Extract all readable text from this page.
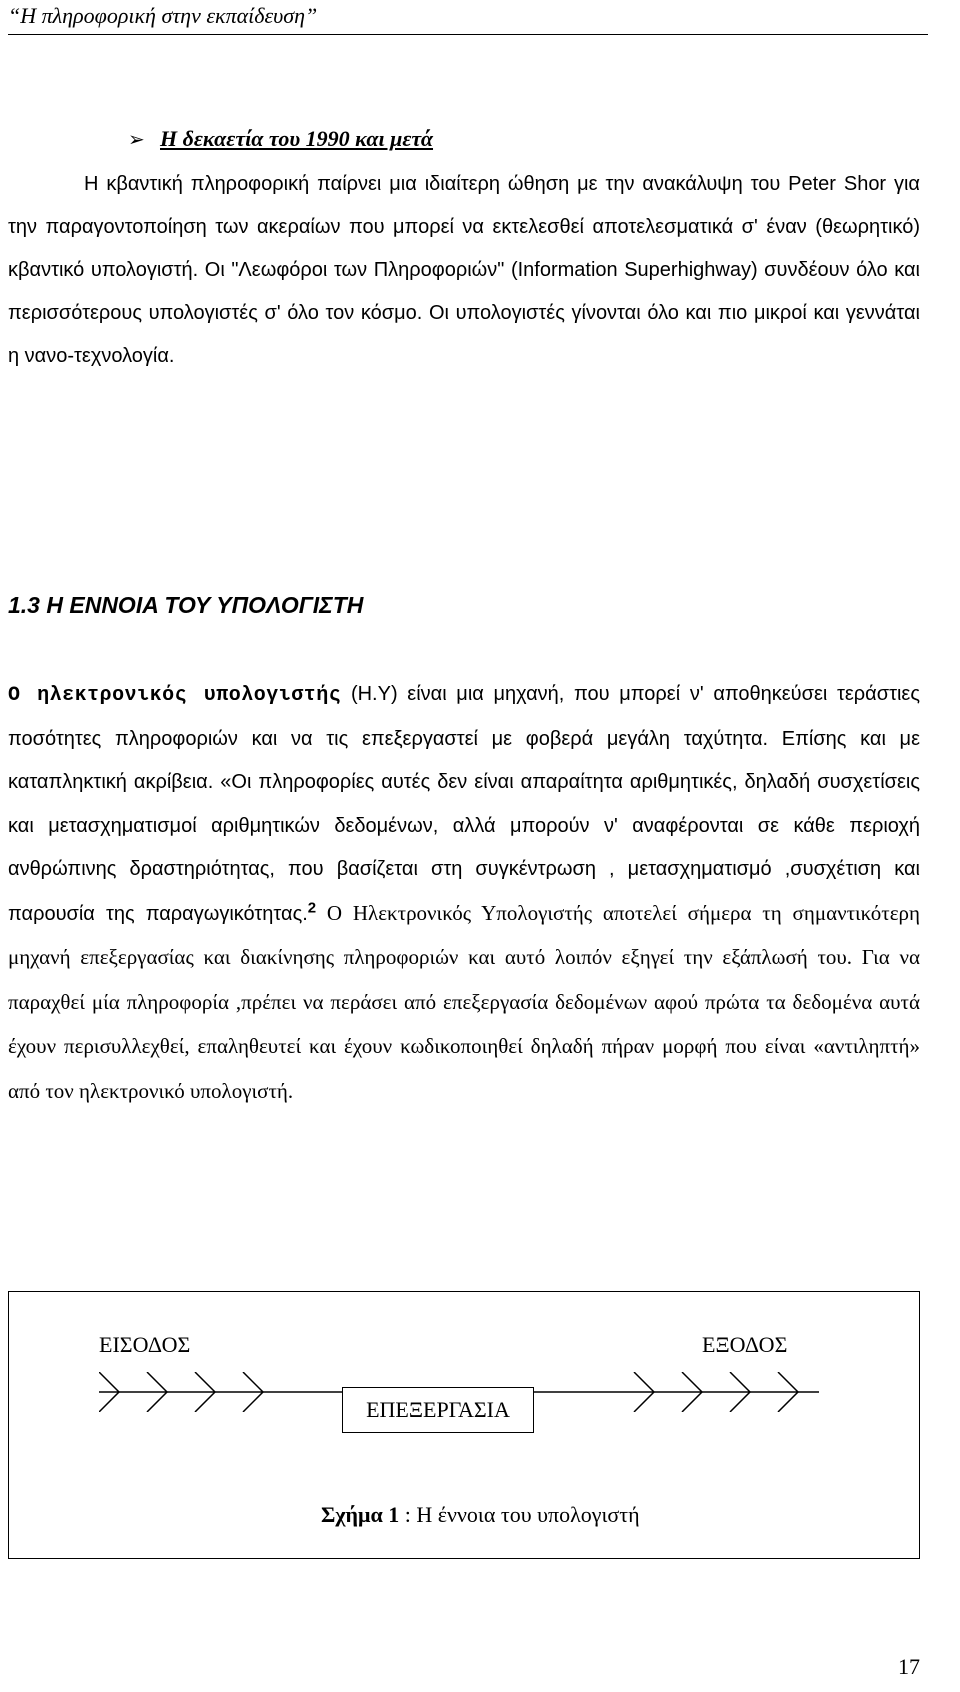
“Η πληροφορική στην εκπαίδευση”
➢ Η δεκαετία του 1990 και μετά

Η κβαντική πληροφορική παίρνει μια ιδιαίτερη ώθηση με την ανακάλυψη του Peter Shor για την παραγοντοποίηση των ακεραίων που μπορεί να εκτελεσθεί αποτελεσματικά σ' έναν (θεωρητικό) κβαντικό υπολογιστή. Οι "Λεωφόροι των Πληροφοριών" (Information Superhighway) συνδέουν όλο και περισσότερους υπολογιστές σ' όλο τον κόσμο. Οι υπολογιστές γίνονται όλο και πιο μικροί και γεννάται η νανο-τεχνολογία.

1.3 Η ΕΝΝΟΙΑ ΤΟΥ ΥΠΟΛΟΓΙΣΤΗ

Ο ηλεκτρονικός υπολογιστής (Η.Υ) είναι μια μηχανή, που μπορεί ν' αποθηκεύσει τεράστιες ποσότητες πληροφοριών και να τις επεξεργαστεί με φοβερά μεγάλη ταχύτητα. Επίσης και με καταπληκτική ακρίβεια. «Οι πληροφορίες αυτές δεν είναι απαραίτητα αριθμητικές, δηλαδή συσχετίσεις και μετασχηματισμοί αριθμητικών δεδομένων, αλλά μπορούν ν' αναφέρονται σε κάθε περιοχή ανθρώπινης δραστηριότητας, που βασίζεται στη συγκέντρωση , μετασχηματισμό ,συσχέτιση και παρουσία της παραγωγικότητας.$^2$ Ο Ηλεκτρονικός Υπολογιστής αποτελεί σήμερα τη σημαντικότερη μηχανή επεξεργασίας και διακίνησης πληροφοριών και αυτό λοιπόν εξηγεί την εξάπλωσή του. Για να παραχθεί μία πληροφορία ,πρέπει να περάσει από επεξεργασία δεδομένων αφού πρώτα τα δεδομένα αυτά έχουν περισυλλεχθεί, επαληθευτεί και έχουν κωδικοποιηθεί δηλαδή πήραν μορφή που είναι «αντιληπτή» από τον ηλεκτρονικό υπολογιστή.

ΕΙΣΟΔΟΣ	ΕΞΟΔΟΣ
ΕΠΕΞΕΡΓΑΣΙΑ
Σχήμα 1 : Η έννοια του υπολογιστή
17
